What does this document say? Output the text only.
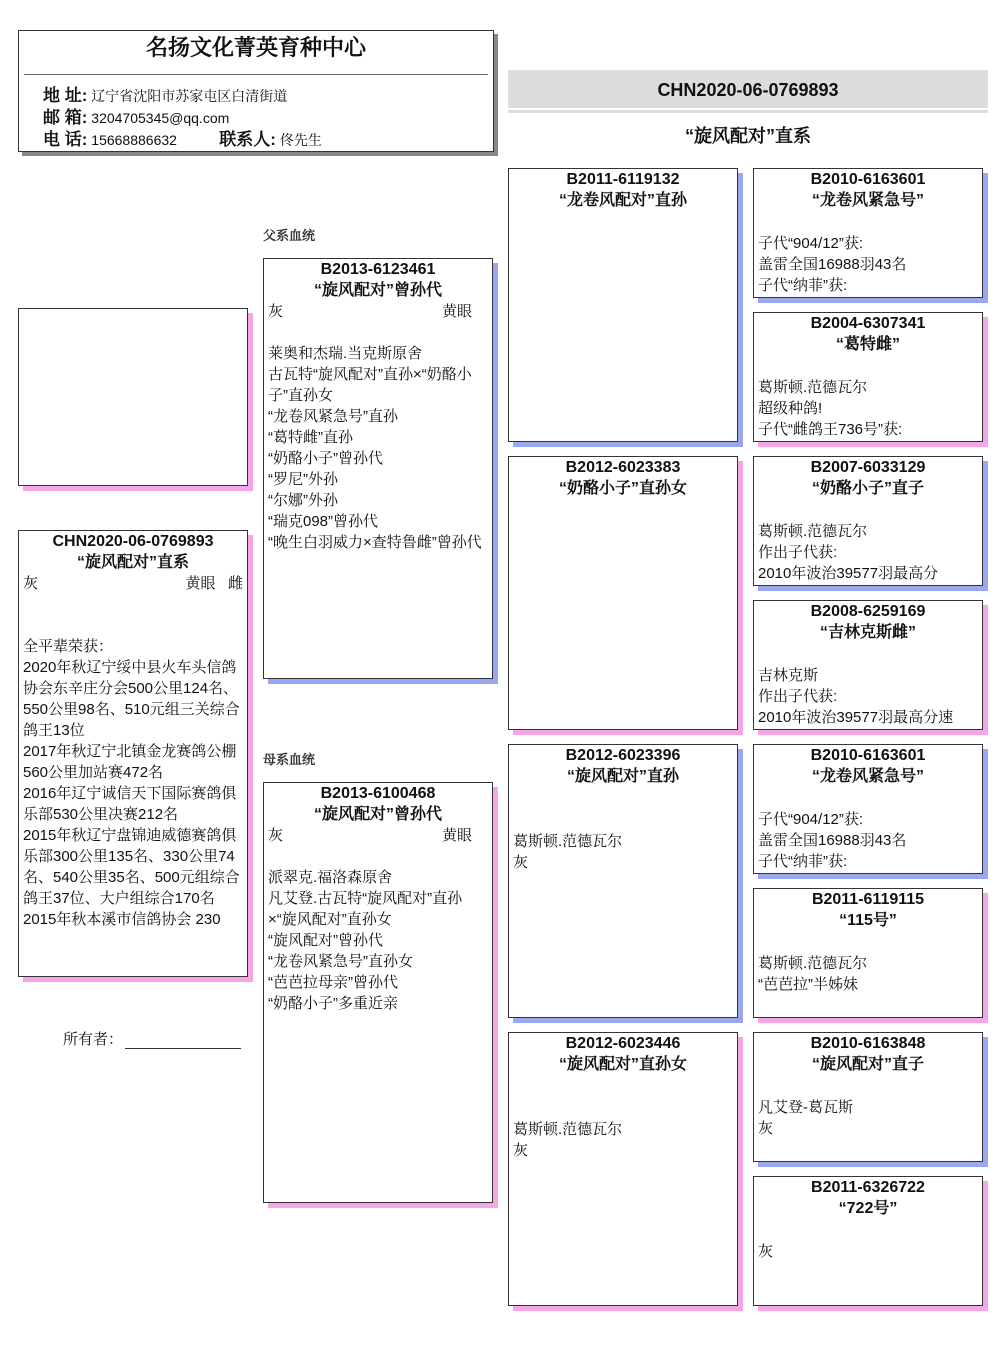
名扬文化菁英育种中心
地 址: 辽宁省沈阳市苏家屯区白清街道
邮 箱: 3204705345@qq.com
电 话: 15668886632 联系人: 佟先生
CHN2020-06-0769893
“旋风配对”直系
CHN2020-06-0769893
“旋风配对”直系
灰	黄眼 雌
全平辈荣获：
2020年秋辽宁绥中县火车头信鸽协会东辛庄分会500公里124名、550公里98名、510元组三关综合鸽王13位
2017年秋辽宁北镇金龙赛鸽公棚560公里加站赛472名
2016年辽宁诚信天下国际赛鸽俱乐部530公里决赛212名
2015年秋辽宁盘锦迪威德赛鸽俱乐部300公里135名、330公里74名、540公里35名、500元组综合鸽王37位、大户组综合170名
2015年秋本溪市信鸽协会 230
所有者：
父系血统
母系血统
B2013-6123461
“旋风配对”曾孙代
灰	黄眼
莱奥和杰瑞.当克斯原舍
古瓦特“旋风配对”直孙×“奶酪小子”直孙女
“龙卷风紧急号”直孙
“葛特雌”直孙
“奶酪小子”曾孙代
“罗尼”外孙
“尔娜”外孙
“瑞克098”曾孙代
“晚生白羽威力×查特鲁雌”曾孙代
B2013-6100468
“旋风配对”曾孙代
灰	黄眼
派翠克.福洛森原舍
凡艾登.古瓦特“旋风配对”直孙×“旋风配对”直孙女
“旋风配对”曾孙代
“龙卷风紧急号”直孙女
“芭芭拉母亲”曾孙代
“奶酪小子”多重近亲
B2011-6119132
“龙卷风配对”直孙
B2012-6023383
“奶酪小子”直孙女
B2012-6023396
“旋风配对”直孙
葛斯顿.范德瓦尔
灰
B2012-6023446
“旋风配对”直孙女
葛斯顿.范德瓦尔
灰
B2010-6163601
“龙卷风紧急号”
子代“904/12”获:
盖雷全国16988羽43名
子代“纳菲”获:
B2004-6307341
“葛特雌”
葛斯顿.范德瓦尔
超级种鸽!
子代“雌鸽王736号”获:
B2007-6033129
“奶酪小子”直子
葛斯顿.范德瓦尔
作出子代获:
2010年波治39577羽最高分
B2008-6259169
“吉林克斯雌”
吉林克斯
作出子代获:
2010年波治39577羽最高分速
B2010-6163601
“龙卷风紧急号”
子代“904/12”获:
盖雷全国16988羽43名
子代“纳菲”获:
B2011-6119115
“115号”
葛斯顿.范德瓦尔
“芭芭拉”半姊妹
B2010-6163848
“旋风配对”直子
凡艾登-葛瓦斯
灰
B2011-6326722
“722号”
灰
